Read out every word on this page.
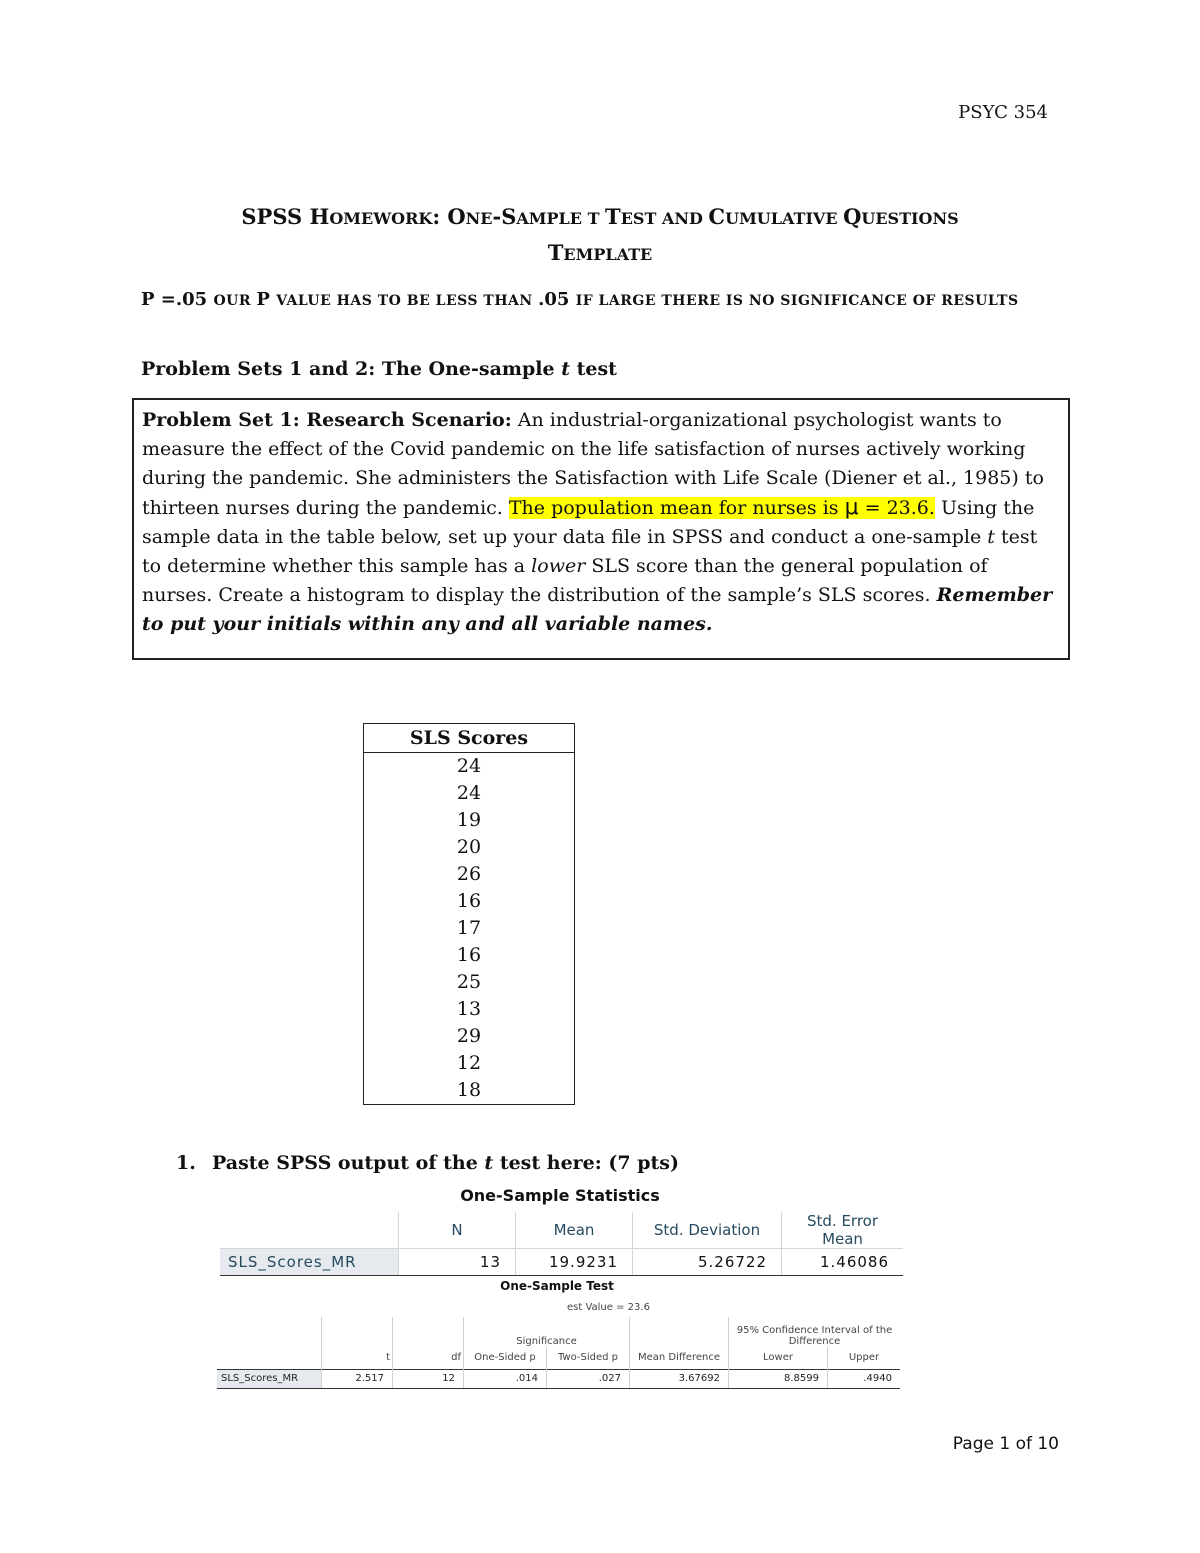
PSYC 354
SPSS HOMEWORK: ONE-SAMPLE T TEST AND CUMULATIVE QUESTIONS
TEMPLATE
P =.05 OUR P VALUE HAS TO BE LESS THAN .05 IF LARGE THERE IS NO SIGNIFICANCE OF RESULTS
Problem Sets 1 and 2: The One-sample t test

Problem Set 1: Research Scenario: An industrial-organizational psychologist wants to measure the effect of the Covid pandemic on the life satisfaction of nurses actively working during the pandemic. She administers the Satisfaction with Life Scale (Diener et al., 1985) to thirteen nurses during the pandemic. The population mean for nurses is μ = 23.6. Using the sample data in the table below, set up your data file in SPSS and conduct a one-sample t test to determine whether this sample has a lower SLS score than the general population of nurses. Create a histogram to display the distribution of the sample’s SLS scores. Remember to put your initials within any and all variable names.

SLS Scores
24
24
19
20
26
16
17
16
25
13
29
12
18
1. Paste SPSS output of the t test here: (7 pts)
One-Sample Statistics
	N	Mean	Std. Deviation	Std. Error Mean
SLS_Scores_MR	13	19.9231	5.26722	1.46086
One-Sample Test
est Value = 23.6
			Significance			95% Confidence Interval of the Difference	
	t	df	One-Sided p	Two-Sided p	Mean Difference	Lower	Upper
SLS_Scores_MR	2.517	12	.014	.027	3.67692	8.8599	.4940
Page 1 of 10
